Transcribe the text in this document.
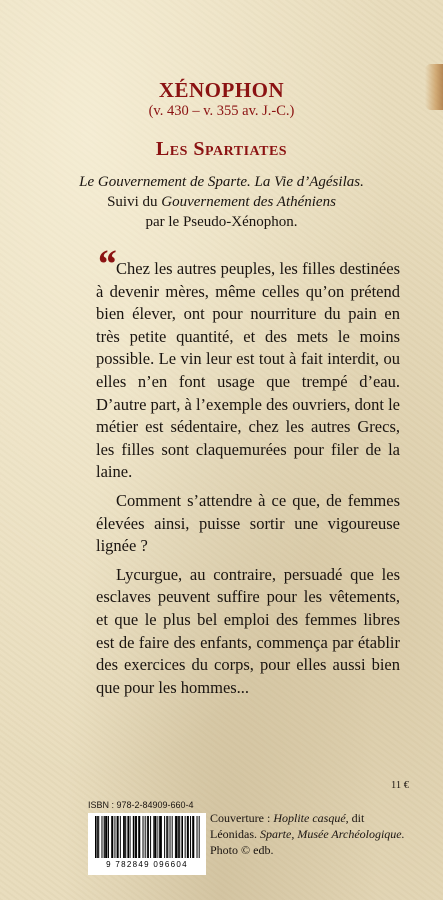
XÉNOPHON
(v. 430 – v. 355 av. J.-C.)
Les Spartiates
Le Gouvernement de Sparte. La Vie d’Agésilas.
Suivi du Gouvernement des Athéniens
par le Pseudo-Xénophon.
“ Chez les autres peuples, les filles destinées à devenir mères, même celles qu’on prétend bien élever, ont pour nourriture du pain en très petite quantité, et des mets le moins possible. Le vin leur est tout à fait interdit, ou elles n’en font usage que trempé d’eau. D’autre part, à l’exemple des ouvriers, dont le métier est sédentaire, chez les autres Grecs, les filles sont claquemurées pour filer de la laine.

Comment s’attendre à ce que, de femmes élevées ainsi, puisse sortir une vigoureuse lignée ?

Lycurgue, au contraire, persuadé que les esclaves peuvent suffire pour les vêtements, et que le plus bel emploi des femmes libres est de faire des enfants, commença par établir des exercices du corps, pour elles aussi bien que pour les hommes...

11 €
ISBN : 978-2-84909-660-4
9 782849 096604
Couverture : Hoplite casqué, dit Léonidas. Sparte, Musée Archéologique.
Photo © edb.
